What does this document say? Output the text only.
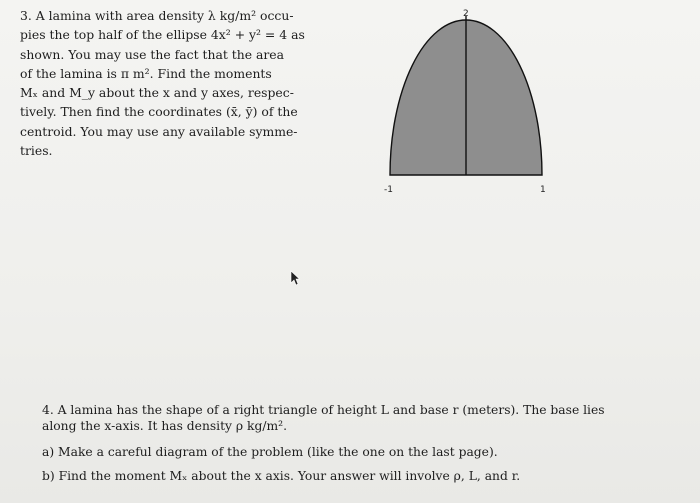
3. A lamina with area density λ kg/m² occu-
pies the top half of the ellipse 4x² + y² = 4 as
shown. You may use the fact that the area
of the lamina is π m². Find the moments
Mₓ and M_y about the x and y axes, respec-
tively. Then find the coordinates (x̄, ȳ) of the
centroid. You may use any available symme-
tries.
2
-1	1
4. A lamina has the shape of a right triangle of height L and base r (meters). The base lies
along the x-axis. It has density ρ kg/m².
a) Make a careful diagram of the problem (like the one on the last page).
b) Find the moment Mₓ about the x axis. Your answer will involve ρ, L, and r.
